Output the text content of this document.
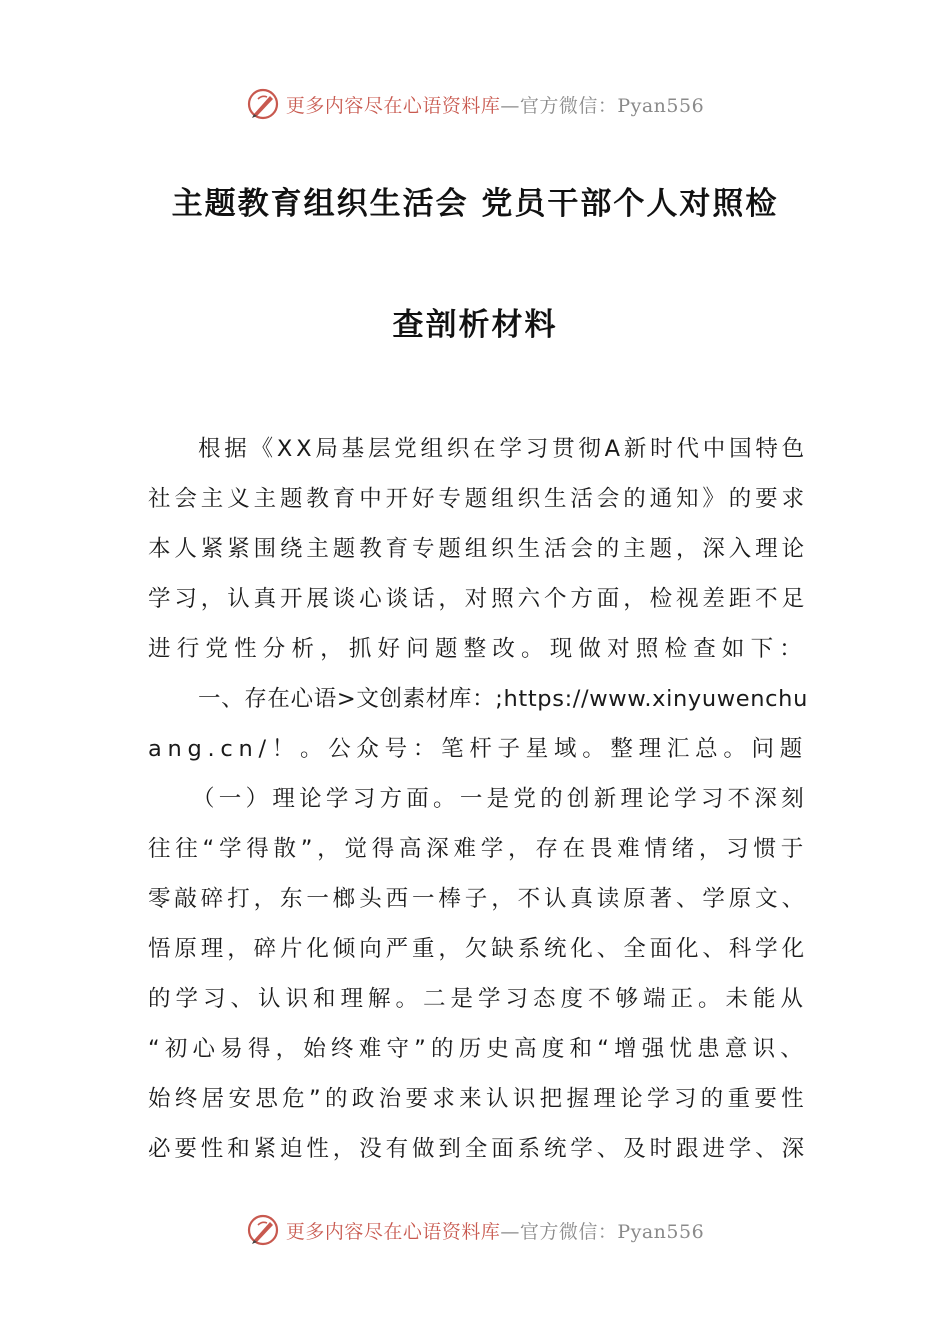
更多内容尽在心语资料库—官方微信：Pyan556
主题教育组织生活会 党员干部个人对照检
查剖析材料
根据《XX局基层党组织在学习贯彻A新时代中国特色
社会主义主题教育中开好专题组织生活会的通知》的要求
本人紧紧围绕主题教育专题组织生活会的主题，深入理论
学习，认真开展谈心谈话，对照六个方面，检视差距不足
进行党性分析，抓好问题整改。现做对照检查如下：
一、存在心语>文创素材库：;https://www.xinyuwenchu
ang.cn/！。公众号：笔杆子星域。整理汇总。问题
（一）理论学习方面。一是党的创新理论学习不深刻
往往“学得散”，觉得高深难学，存在畏难情绪，习惯于
零敲碎打，东一榔头西一棒子，不认真读原著、学原文、
悟原理，碎片化倾向严重，欠缺系统化、全面化、科学化
的学习、认识和理解。二是学习态度不够端正。未能从
“初心易得，始终难守”的历史高度和“增强忧患意识、
始终居安思危”的政治要求来认识把握理论学习的重要性
必要性和紧迫性，没有做到全面系统学、及时跟进学、深
更多内容尽在心语资料库—官方微信：Pyan556
